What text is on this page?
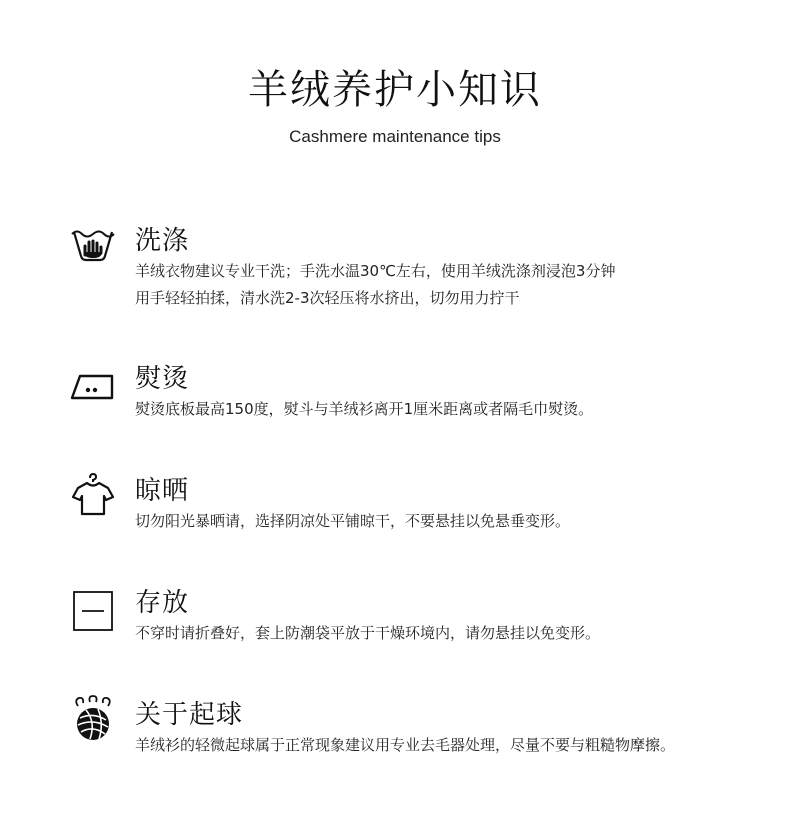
羊绒养护小知识
Cashmere maintenance tips
洗涤
羊绒衣物建议专业干洗；手洗水温30℃左右，使用羊绒洗涤剂浸泡3分钟
用手轻轻拍揉，清水洗2-3次轻压将水挤出，切勿用力拧干
熨烫
熨烫底板最高150度，熨斗与羊绒衫离开1厘米距离或者隔毛巾熨烫。
晾晒
切勿阳光暴晒请，选择阴凉处平铺晾干，不要悬挂以免悬垂变形。
存放
不穿时请折叠好，套上防潮袋平放于干燥环境内，请勿悬挂以免变形。
关于起球
羊绒衫的轻微起球属于正常现象建议用专业去毛器处理，尽量不要与粗糙物摩擦。
